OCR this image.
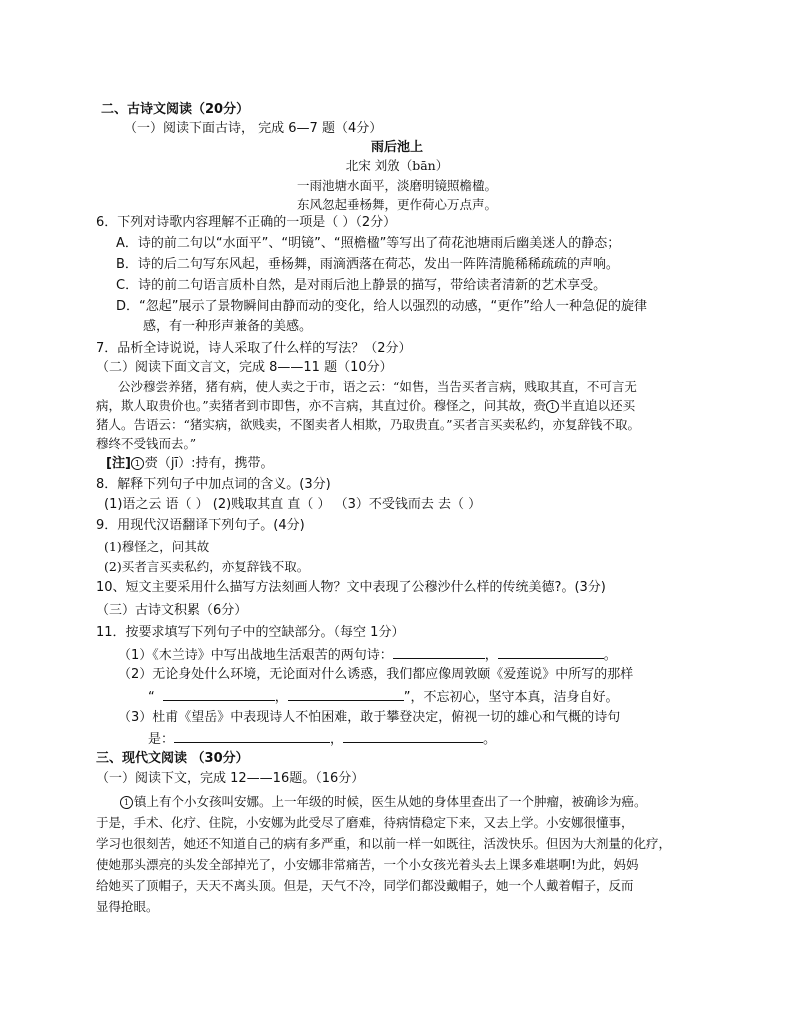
二、古诗文阅读（20分）
（一）阅读下面古诗， 完成 6—7 题（4分）
雨后池上
北宋 刘攽（bān）
一雨池塘水面平，淡磨明镜照檐楹。
东风忽起垂杨舞，更作荷心万点声。
6．下列对诗歌内容理解不正确的一项是（ ）（2分）
A．诗的前二句以“水面平”、“明镜”、“照檐楹”等写出了荷花池塘雨后幽美迷人的静态；
B．诗的后二句写东风起，垂杨舞，雨滴洒落在荷芯，发出一阵阵清脆稀稀疏疏的声响。
C．诗的前二句语言质朴自然，是对雨后池上静景的描写，带给读者清新的艺术享受。
D．“忽起”展示了景物瞬间由静而动的变化，给人以强烈的动感，“更作”给人一种急促的旋律
感，有一种形声兼备的美感。
7．品析全诗说说，诗人采取了什么样的写法？（2分）
（二）阅读下面文言文，完成 8——11 题（10分）
公沙穆尝养猪，猪有病，使人卖之于市，语之云：“如售，当告买者言病，贱取其直，不可言无
病，欺人取贵价也。”卖猪者到市即售，亦不言病，其直过价。穆怪之，问其故，赍 1 半直追以还买
猪人。告语云：“猪实病，欲贱卖，不图卖者人相欺，乃取贵直。”买者言买卖私约，亦复辞钱不取。
穆终不受钱而去。”
[注] 1 赍（jī）:持有，携带。
8．解释下列句子中加点词的含义。(3分)
(1)语之云 语（ ） (2)贱取其直 直（ ） （3）不受钱而去 去（ ）
9．用现代汉语翻译下列句子。(4分)
(1)穆怪之，问其故
(2)买者言买卖私约，亦复辞钱不取。
10、短文主要采用什么描写方法刻画人物？文中表现了公穆沙什么样的传统美德?。(3分)
（三）古诗文积累（6分）
11．按要求填写下列句子中的空缺部分。（每空 1分）
（1）《木兰诗》中写出战地生活艰苦的两句诗：	，	。
（2）无论身处什么环境，无论面对什么诱惑，我们都应像周敦颐《爱莲说》中所写的那样
“	，	”，不忘初心，坚守本真，洁身自好。
（3）杜甫《望岳》中表现诗人不怕困难，敢于攀登决定，俯视一切的雄心和气概的诗句
是：	，	。
三、现代文阅读 （30分）
（一）阅读下文，完成 12——16题。（16分）
1 镇上有个小女孩叫安娜。上一年级的时候，医生从她的身体里查出了一个肿瘤，被确诊为癌。
于是，手术、化疗、住院，小安娜为此受尽了磨难，待病情稳定下来，又去上学。小安娜很懂事，
学习也很刻苦，她还不知道自己的病有多严重，和以前一样一如既往，活泼快乐。但因为大剂量的化疗，
使她那头漂亮的头发全部掉光了，小安娜非常痛苦，一个小女孩光着头去上课多难堪啊!为此，妈妈
给她买了顶帽子，天天不离头顶。但是，天气不冷，同学们都没戴帽子，她一个人戴着帽子，反而
显得抢眼。
